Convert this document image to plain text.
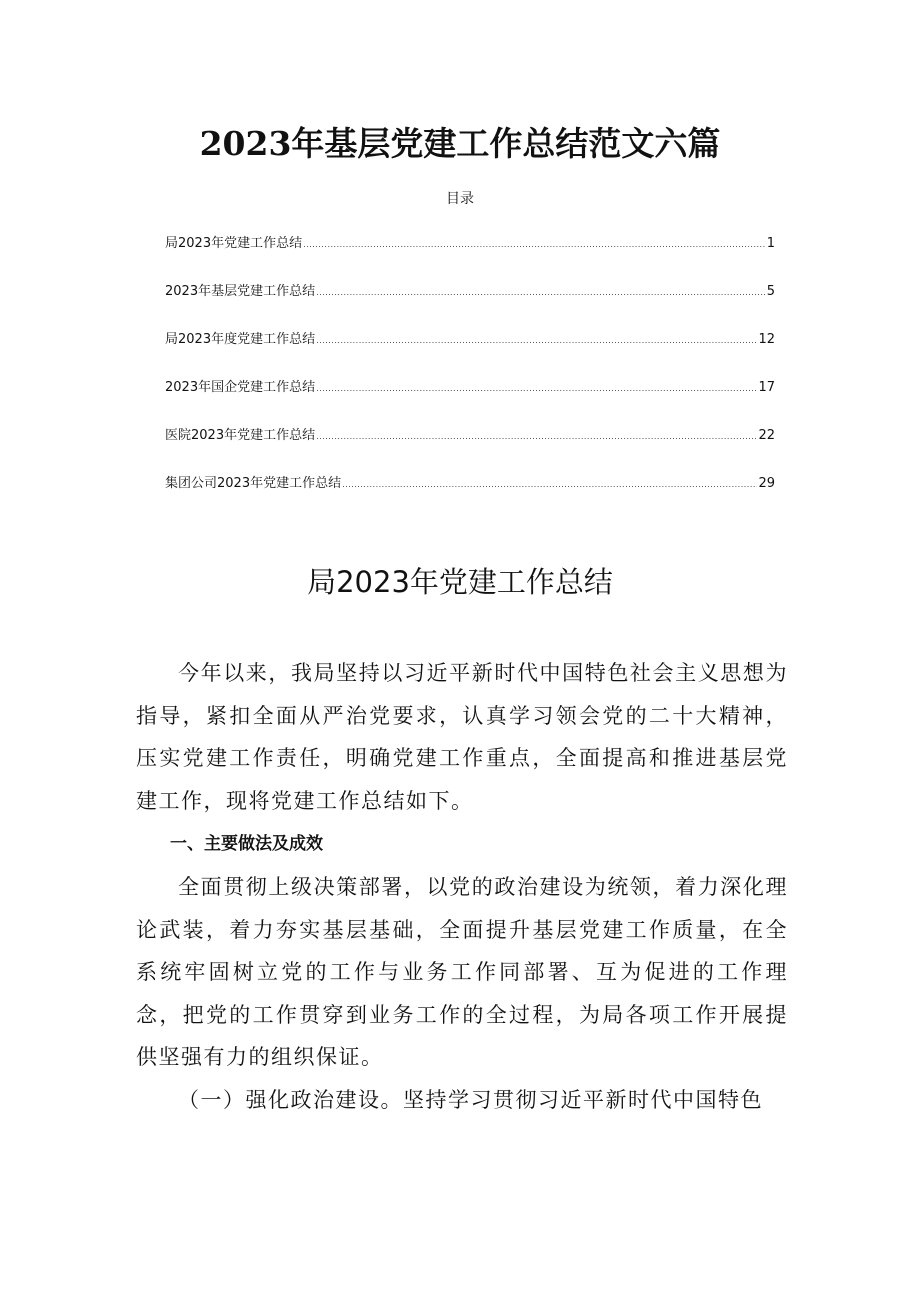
2023年基层党建工作总结范文六篇
目录
局2023年党建工作总结 .....	1
2023年基层党建工作总结 .....	5
局2023年度党建工作总结 .....	12
2023年国企党建工作总结 .....	17
医院2023年党建工作总结 .....	22
集团公司2023年党建工作总结 .....	29
局2023年党建工作总结

今年以来，我局坚持以习近平新时代中国特色社会主义思想为指导，紧扣全面从严治党要求，认真学习领会党的二十大精神，压实党建工作责任，明确党建工作重点，全面提高和推进基层党建工作，现将党建工作总结如下。

一、主要做法及成效

全面贯彻上级决策部署，以党的政治建设为统领，着力深化理论武装，着力夯实基层基础，全面提升基层党建工作质量，在全系统牢固树立党的工作与业务工作同部署、互为促进的工作理念，把党的工作贯穿到业务工作的全过程，为局各项工作开展提供坚强有力的组织保证。

（一）强化政治建设。坚持学习贯彻习近平新时代中国特色
